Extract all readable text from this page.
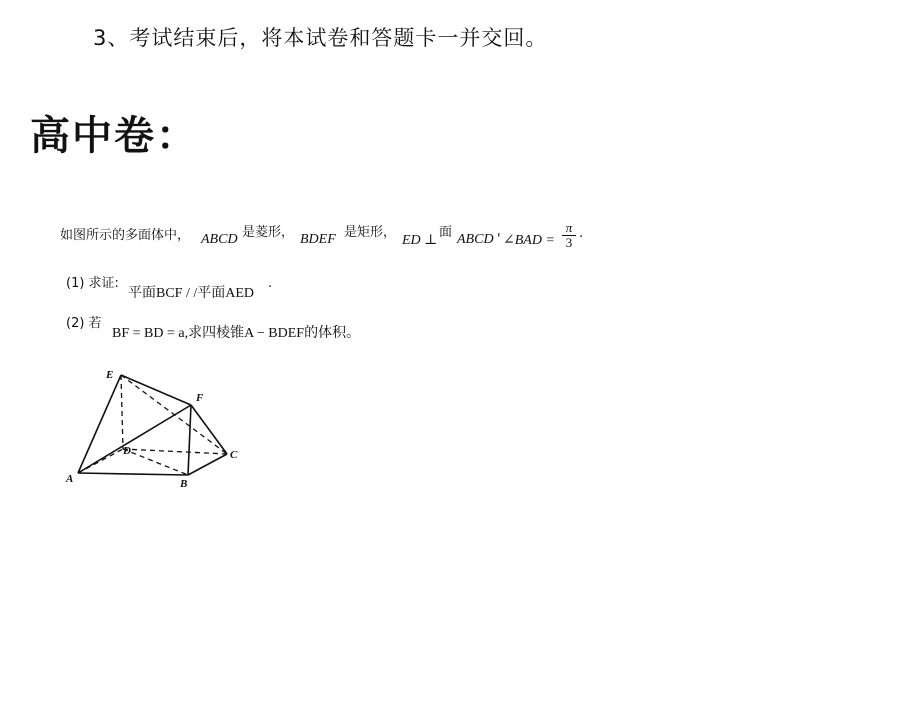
3、考试结束后，将本试卷和答题卡一并交回。
高中卷：
如图所示的多面体中， ABCD 是菱形， BDEF 是矩形，
ED ⊥
面 ABCD ' ∠BAD = $\frac{\pi}{3}$ ·
(1) 求证:
平面BCF / /平面AED ·
(2) 若
BF = BD = a,求四棱锥A − BDEF的体积。
E
F
D	C
A	B
